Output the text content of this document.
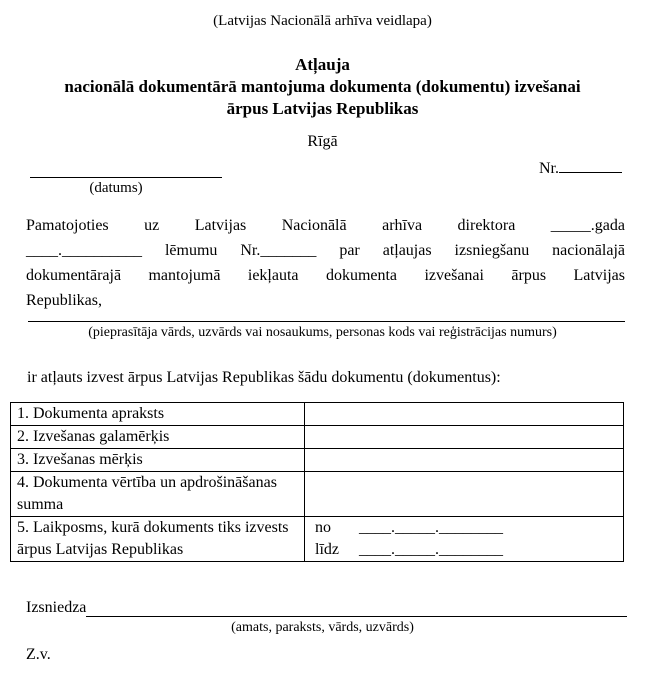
(Latvijas Nacionālā arhīva veidlapa)
Atļauja
nacionālā dokumentārā mantojuma dokumenta (dokumentu) izvešanai
ārpus Latvijas Republikas
Rīgā
(datums)
Nr.
Pamatojoties uz Latvijas Nacionālā arhīva direktora _____.gada
____.__________ lēmumu Nr._______ par atļaujas izsniegšanu nacionālajā
dokumentārajā mantojumā iekļauta dokumenta izvešanai ārpus Latvijas
Republikas,
(pieprasītāja vārds, uzvārds vai nosaukums, personas kods vai reģistrācijas numurs)
ir atļauts izvest ārpus Latvijas Republikas šādu dokumentu (dokumentus):
1. Dokumenta apraksts	
2. Izvešanas galamērķis	
3. Izvešanas mērķis	
4. Dokumenta vērtība un apdrošināšanas summa	
5. Laikposms, kurā dokuments tiks izvests ārpus Latvijas Republikas	no ____._____.________
līdz ____._____.________
Izsniedza
(amats, paraksts, vārds, uzvārds)
Z.v.
